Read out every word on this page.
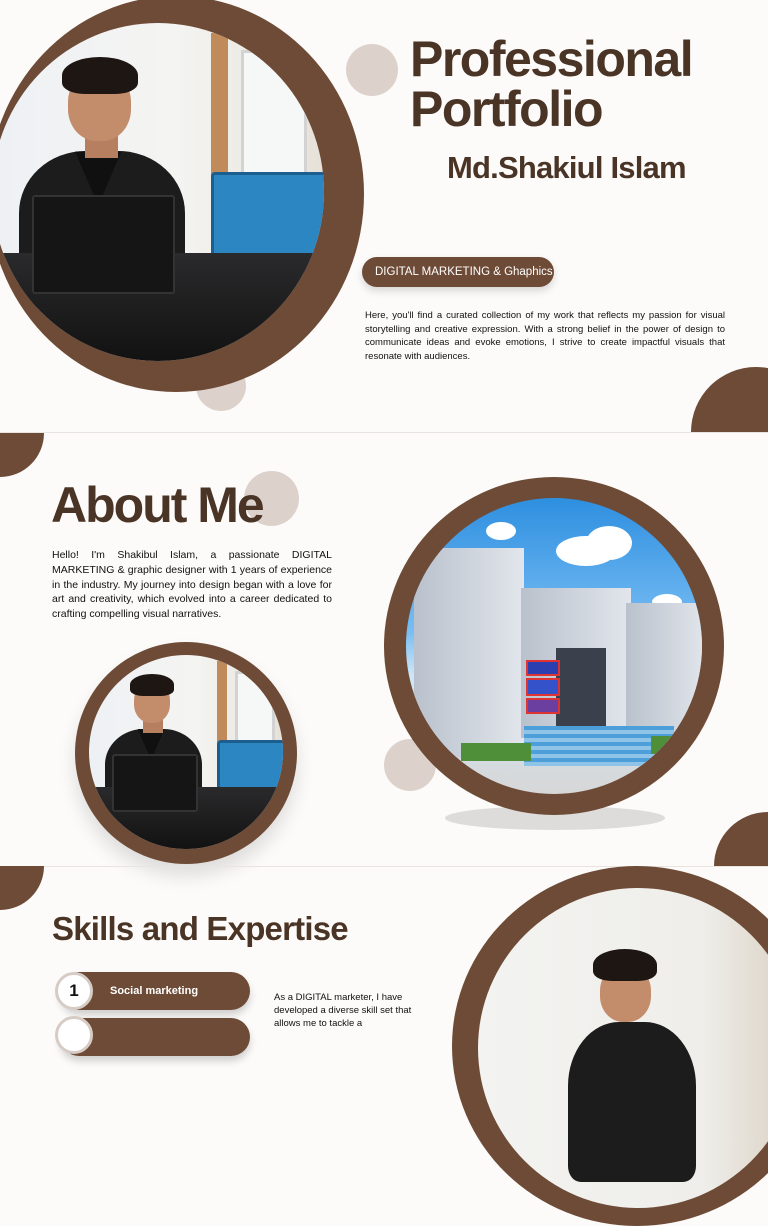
Professional
Portfolio
Md.Shakiul Islam
DIGITAL MARKETING & Ghaphics

Here, you'll find a curated collection of my work that reflects my passion for visual storytelling and creative expression. With a strong belief in the power of design to communicate ideas and evoke emotions, I strive to create impactful visuals that resonate with audiences.

About Me

Hello! I'm Shakibul Islam, a passionate DIGITAL MARKETING & graphic designer with 1 years of experience in the industry. My journey into design began with a love for art and creativity, which evolved into a career dedicated to crafting compelling visual narratives.

Skills and Expertise
1	Social marketing

As a DIGITAL marketer, I have developed a diverse skill set that allows me to tackle a
